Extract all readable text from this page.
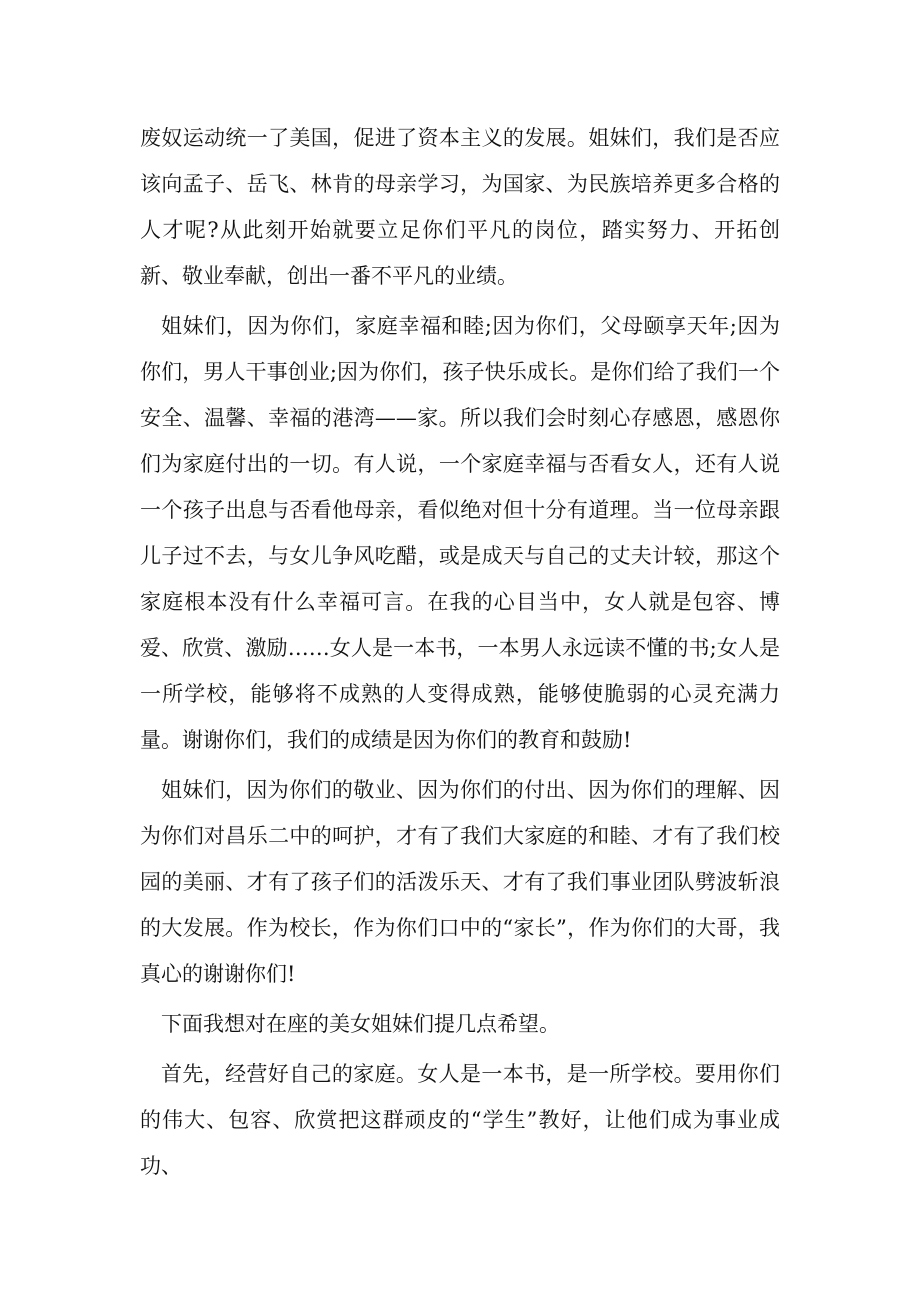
废奴运动统一了美国，促进了资本主义的发展。姐妹们，我们是否应该向孟子、岳飞、林肯的母亲学习，为国家、为民族培养更多合格的人才呢?从此刻开始就要立足你们平凡的岗位，踏实努力、开拓创新、敬业奉献，创出一番不平凡的业绩。

姐妹们，因为你们，家庭幸福和睦;因为你们，父母颐享天年;因为你们，男人干事创业;因为你们，孩子快乐成长。是你们给了我们一个安全、温馨、幸福的港湾——家。所以我们会时刻心存感恩，感恩你们为家庭付出的一切。有人说，一个家庭幸福与否看女人，还有人说一个孩子出息与否看他母亲，看似绝对但十分有道理。当一位母亲跟儿子过不去，与女儿争风吃醋，或是成天与自己的丈夫计较，那这个家庭根本没有什么幸福可言。在我的心目当中，女人就是包容、博爱、欣赏、激励……女人是一本书，一本男人永远读不懂的书;女人是一所学校，能够将不成熟的人变得成熟，能够使脆弱的心灵充满力量。谢谢你们，我们的成绩是因为你们的教育和鼓励!

姐妹们，因为你们的敬业、因为你们的付出、因为你们的理解、因为你们对昌乐二中的呵护，才有了我们大家庭的和睦、才有了我们校园的美丽、才有了孩子们的活泼乐天、才有了我们事业团队劈波斩浪的大发展。作为校长，作为你们口中的“家长”，作为你们的大哥，我真心的谢谢你们!

下面我想对在座的美女姐妹们提几点希望。

首先，经营好自己的家庭。女人是一本书，是一所学校。要用你们的伟大、包容、欣赏把这群顽皮的“学生”教好，让他们成为事业成功、
